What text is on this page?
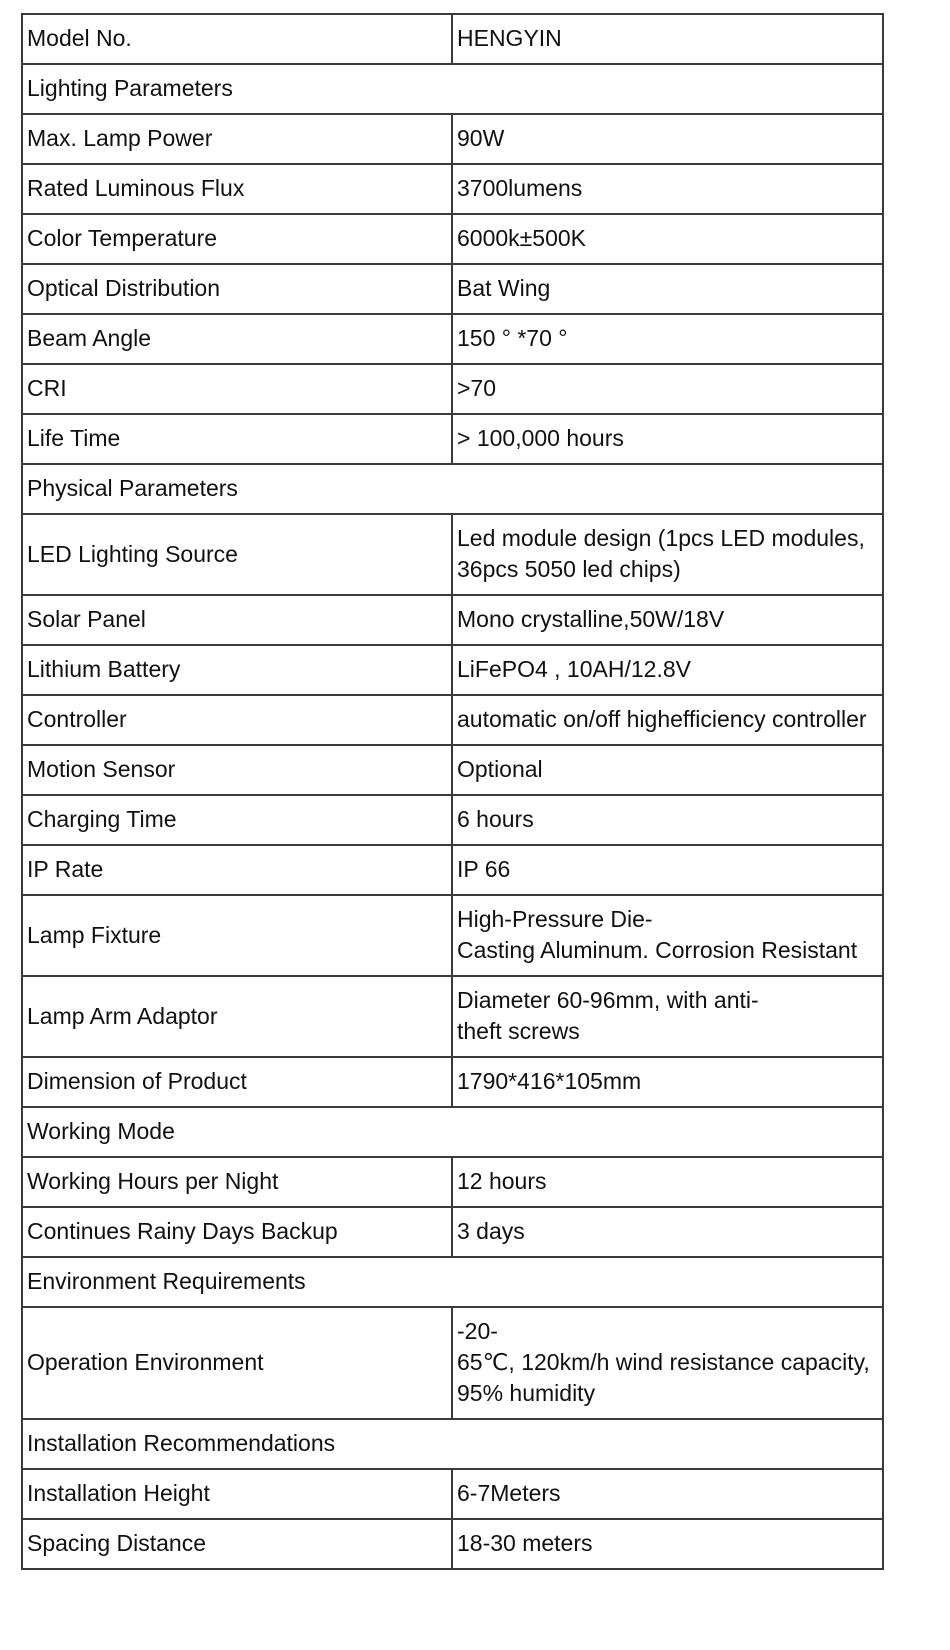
Model No.	HENGYIN
Lighting Parameters	
Max. Lamp Power	90W
Rated Luminous Flux	3700lumens
Color Temperature	6000k±500K
Optical Distribution	Bat Wing
Beam Angle	150 ° *70 °
CRI	>70
Life Time	> 100,000 hours
Physical Parameters	
LED Lighting Source	Led module design (1pcs LED modules, 36pcs 5050 led chips)
Solar Panel	Mono crystalline,50W/18V
Lithium Battery	LiFePO4 , 10AH/12.8V
Controller	automatic on/off highefficiency controller
Motion Sensor	Optional
Charging Time	6 hours
IP Rate	IP 66
Lamp Fixture	High-Pressure Die-
Casting Aluminum. Corrosion Resistant
Lamp Arm Adaptor	Diameter 60-96mm, with anti-
theft screws
Dimension of Product	1790*416*105mm
Working Mode	
Working Hours per Night	12 hours
Continues Rainy Days Backup	3 days
Environment Requirements	
Operation Environment	-20-
65℃, 120km/h wind resistance capacity, 95% humidity
Installation Recommendations	
Installation Height	6-7Meters
Spacing Distance	18-30 meters
